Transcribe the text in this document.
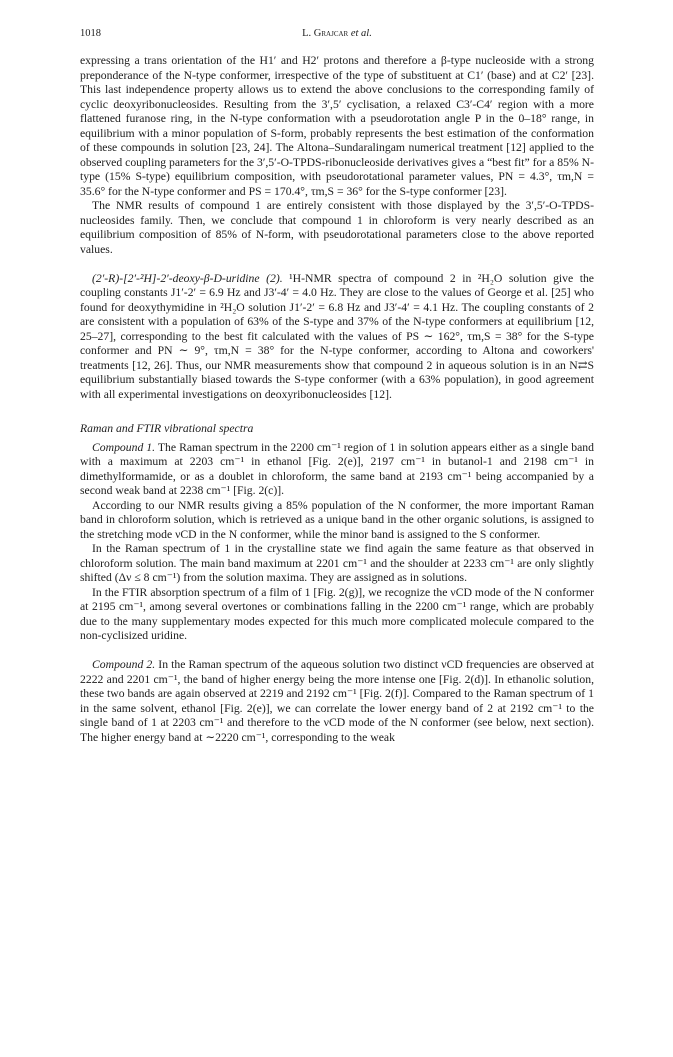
1018	L. Grajcar et al.

expressing a trans orientation of the H1′ and H2′ protons and therefore a β-type nucleoside with a strong preponderance of the N-type conformer, irrespective of the type of substituent at C1′ (base) and at C2′ [23]. This last independence property allows us to extend the above conclusions to the corresponding family of cyclic deoxyribonucleosides. Resulting from the 3′,5′ cyclisation, a relaxed C3′-C4′ region with a more flattened furanose ring, in the N-type conformation with a pseudorotation angle P in the 0–18° range, in equilibrium with a minor population of S-form, probably represents the best estimation of the conformation of these compounds in solution [23, 24]. The Altona–Sundaralingam numerical treatment [12] applied to the observed coupling parameters for the 3′,5′-O-TPDS-ribonucleoside derivatives gives a “best fit” for a 85% N-type (15% S-type) equilibrium composition, with pseudorotational parameter values, PN = 4.3°, τm,N = 35.6° for the N-type conformer and PS = 170.4°, τm,S = 36° for the S-type conformer [23].

The NMR results of compound 1 are entirely consistent with those displayed by the 3′,5′-O-TPDS-nucleosides family. Then, we conclude that compound 1 in chloroform is very nearly described as an equilibrium composition of 85% of N-form, with pseudorotational parameters close to the above reported values.

(2′-R)-[2′-²H]-2′-deoxy-β-D-uridine (2). ¹H-NMR spectra of compound 2 in ²H₂O solution give the coupling constants J1′-2′ = 6.9 Hz and J3′-4′ = 4.0 Hz. They are close to the values of George et al. [25] who found for deoxythymidine in ²H₂O solution J1′-2′ = 6.8 Hz and J3′-4′ = 4.1 Hz. The coupling constants of 2 are consistent with a population of 63% of the S-type and 37% of the N-type conformers at equilibrium [12, 25–27], corresponding to the best fit calculated with the values of PS ∼ 162°, τm,S = 38° for the S-type conformer and PN ∼ 9°, τm,N = 38° for the N-type conformer, according to Altona and coworkers' treatments [12, 26]. Thus, our NMR measurements show that compound 2 in aqueous solution is in an N⇄S equilibrium substantially biased towards the S-type conformer (with a 63% population), in good agreement with all experimental investigations on deoxyribonucleosides [12].

Raman and FTIR vibrational spectra

Compound 1. The Raman spectrum in the 2200 cm⁻¹ region of 1 in solution appears either as a single band with a maximum at 2203 cm⁻¹ in ethanol [Fig. 2(e)], 2197 cm⁻¹ in butanol-1 and 2198 cm⁻¹ in dimethylformamide, or as a doublet in chloroform, the same band at 2193 cm⁻¹ being accompanied by a second weak band at 2238 cm⁻¹ [Fig. 2(c)].

According to our NMR results giving a 85% population of the N conformer, the more important Raman band in chloroform solution, which is retrieved as a unique band in the other organic solutions, is assigned to the stretching mode νCD in the N conformer, while the minor band is assigned to the S conformer.

In the Raman spectrum of 1 in the crystalline state we find again the same feature as that observed in chloroform solution. The main band maximum at 2201 cm⁻¹ and the shoulder at 2233 cm⁻¹ are only slightly shifted (Δν ≤ 8 cm⁻¹) from the solution maxima. They are assigned as in solutions.

In the FTIR absorption spectrum of a film of 1 [Fig. 2(g)], we recognize the νCD mode of the N conformer at 2195 cm⁻¹, among several overtones or combinations falling in the 2200 cm⁻¹ range, which are probably due to the many supplementary modes expected for this much more complicated molecule compared to the non-cyclisized uridine.

Compound 2. In the Raman spectrum of the aqueous solution two distinct νCD frequencies are observed at 2222 and 2201 cm⁻¹, the band of higher energy being the more intense one [Fig. 2(d)]. In ethanolic solution, these two bands are again observed at 2219 and 2192 cm⁻¹ [Fig. 2(f)]. Compared to the Raman spectrum of 1 in the same solvent, ethanol [Fig. 2(e)], we can correlate the lower energy band of 2 at 2192 cm⁻¹ to the single band of 1 at 2203 cm⁻¹ and therefore to the νCD mode of the N conformer (see below, next section). The higher energy band at ∼2220 cm⁻¹, corresponding to the weak
